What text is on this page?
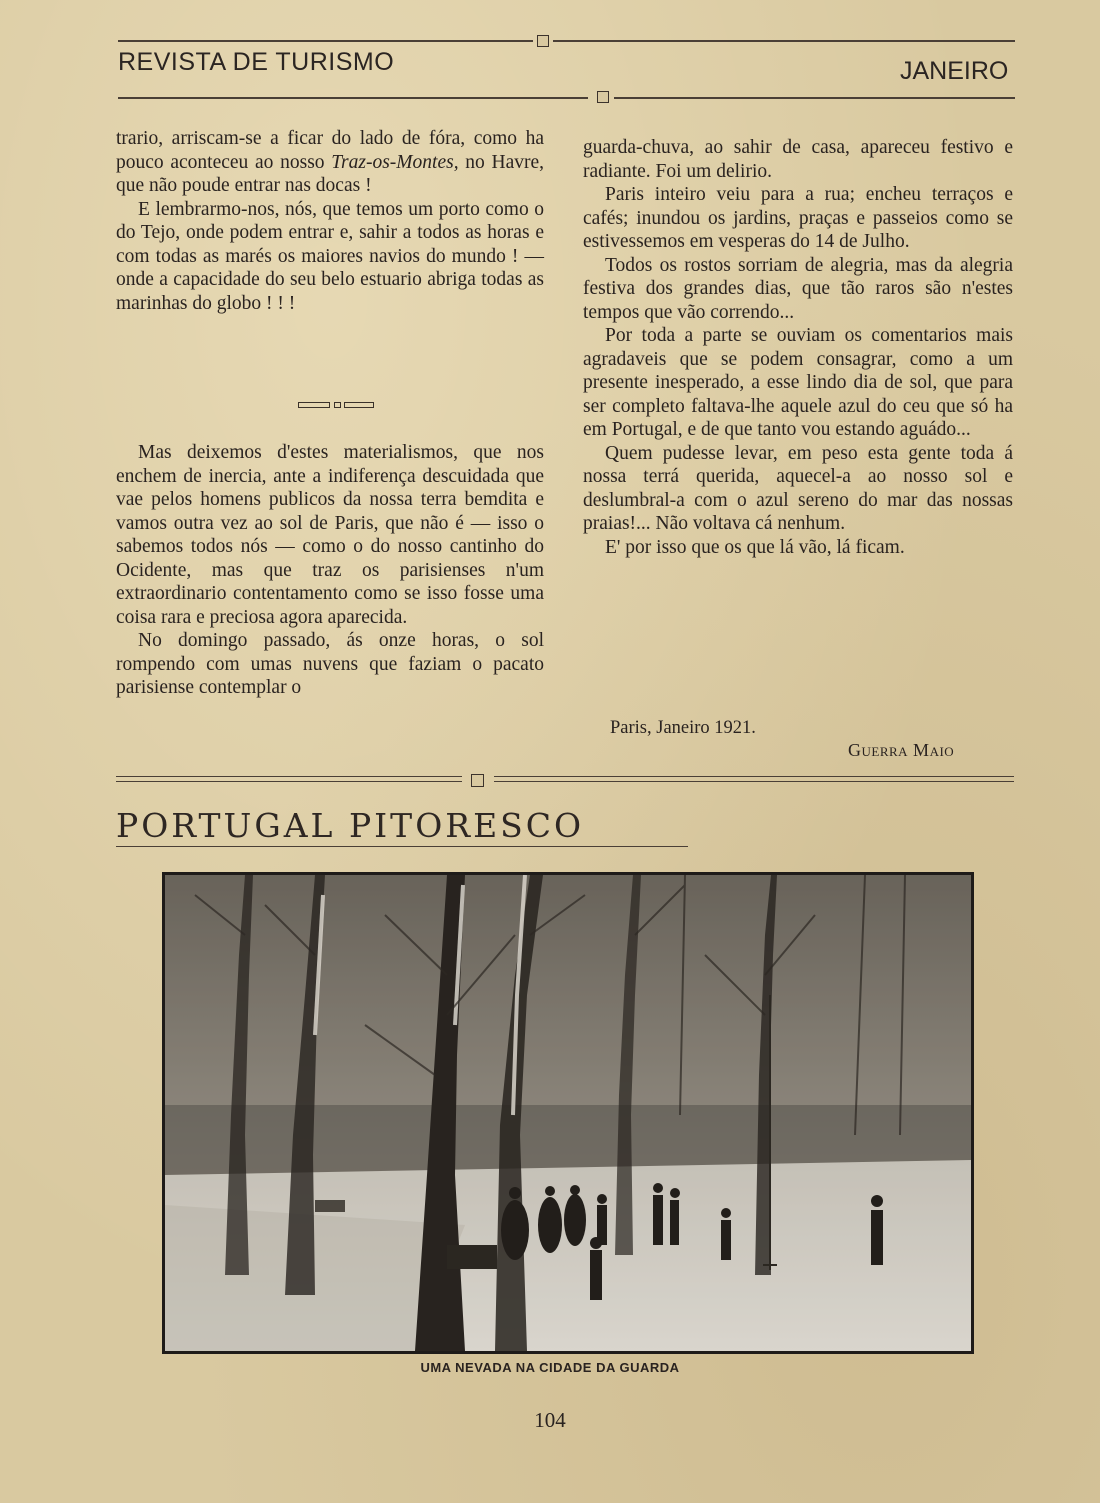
REVISTA DE TURISMO	JANEIRO

trario, arriscam-se a ficar do lado de fóra, como ha pouco aconteceu ao nosso Traz-os-Montes, no Havre, que não poude entrar nas docas !

E lembrarmo-nos, nós, que temos um porto como o do Tejo, onde podem entrar e, sahir a todos as horas e com todas as marés os maiores navios do mundo ! — onde a capacidade do seu belo estuario abriga todas as marinhas do globo ! ! !

Mas deixemos d'estes materialismos, que nos enchem de inercia, ante a indiferença descuidada que vae pelos homens publicos da nossa terra bemdita e vamos outra vez ao sol de Paris, que não é — isso o sabemos todos nós — como o do nosso cantinho do Ocidente, mas que traz os parisienses n'um extraordinario contentamento como se isso fosse uma coisa rara e preciosa agora aparecida.

No domingo passado, ás onze horas, o sol rompendo com umas nuvens que faziam o pacato parisiense contemplar o

guarda-chuva, ao sahir de casa, apareceu festivo e radiante. Foi um delirio.

Paris inteiro veiu para a rua; encheu terraços e cafés; inundou os jardins, praças e passeios como se estivessemos em vesperas do 14 de Julho.

Todos os rostos sorriam de alegria, mas da alegria festiva dos grandes dias, que tão raros são n'estes tempos que vão correndo...

Por toda a parte se ouviam os comentarios mais agradaveis que se podem consagrar, como a um presente inesperado, a esse lindo dia de sol, que para ser completo faltava-lhe aquele azul do ceu que só ha em Portugal, e de que tanto vou estando aguádo...

Quem pudesse levar, em peso esta gente toda á nossa terrá querida, aquecel-a ao nosso sol e deslumbral-a com o azul sereno do mar das nossas praias!... Não voltava cá nenhum.

E' por isso que os que lá vão, lá ficam.

Paris, Janeiro 1921.
Guerra Maio
PORTUGAL PITORESCO
UMA NEVADA NA CIDADE DA GUARDA
104
